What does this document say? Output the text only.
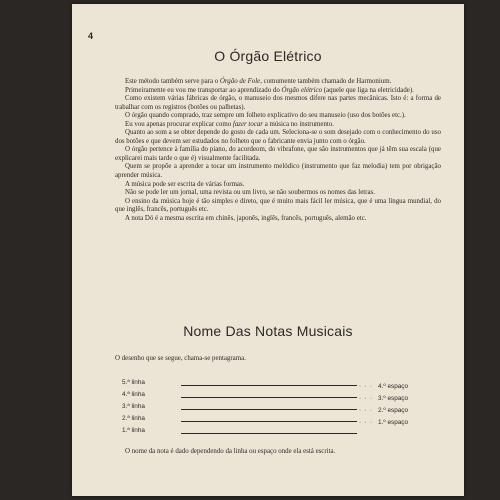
4
O Órgão Elétrico

Este método também serve para o Órgão de Fole, comumente também chamado de Harmonium.

Primeiramente eu vou me transportar ao aprendizado do Órgão elétrico (aquele que liga na eletricidade).

Como existem várias fábricas de órgão, o manuseio dos mesmos difere nas partes mecânicas. Isto é: a forma de trabalhar com os registros (botões ou palhetas).

O órgão quando comprado, traz sempre um folheto explicativo do seu manuseio (uso dos botões etc.).

Eu vou apenas procurar explicar como fazer tocar a música no instrumento.

Quanto ao som a se obter depende do gosto de cada um. Seleciona-se o som desejado com o conhecimento do uso dos botões e que devem ser estudados no folheto que o fabricante envia junto com o órgão.

O órgão pertence à família do piano, do acordeom, do vibrafone, que são instrumentos que já têm sua escala (que explicarei mais tarde o que é) visualmente facilitada.

Quem se propõe a aprender a tocar um instrumento melódico (instrumento que faz melodia) tem por obrigação aprender música.

A música pode ser escrita de várias formas.

Não se pode ler um jornal, uma revista ou um livro, se não soubermos os nomes das letras.

O ensino da música hoje é tão simples e direto, que é muito mais fácil ler música, que é uma língua mundial, do que inglês, francês, português etc.

A nota Dó é a mesma escrita em chinês, japonês, inglês, francês, português, alemão etc.

Nome Das Notas Musicais
O desenho que se segue, chama-se pentagrama.
5.ª linha
4.ª linha
3.ª linha
2.ª linha
1.ª linha
· · · 4.º espaço
· · · 3.º espaço
· · · 2.º espaço
· · · 1.º espaço

O nome da nota é dado dependendo da linha ou espaço onde ela está escrita.
